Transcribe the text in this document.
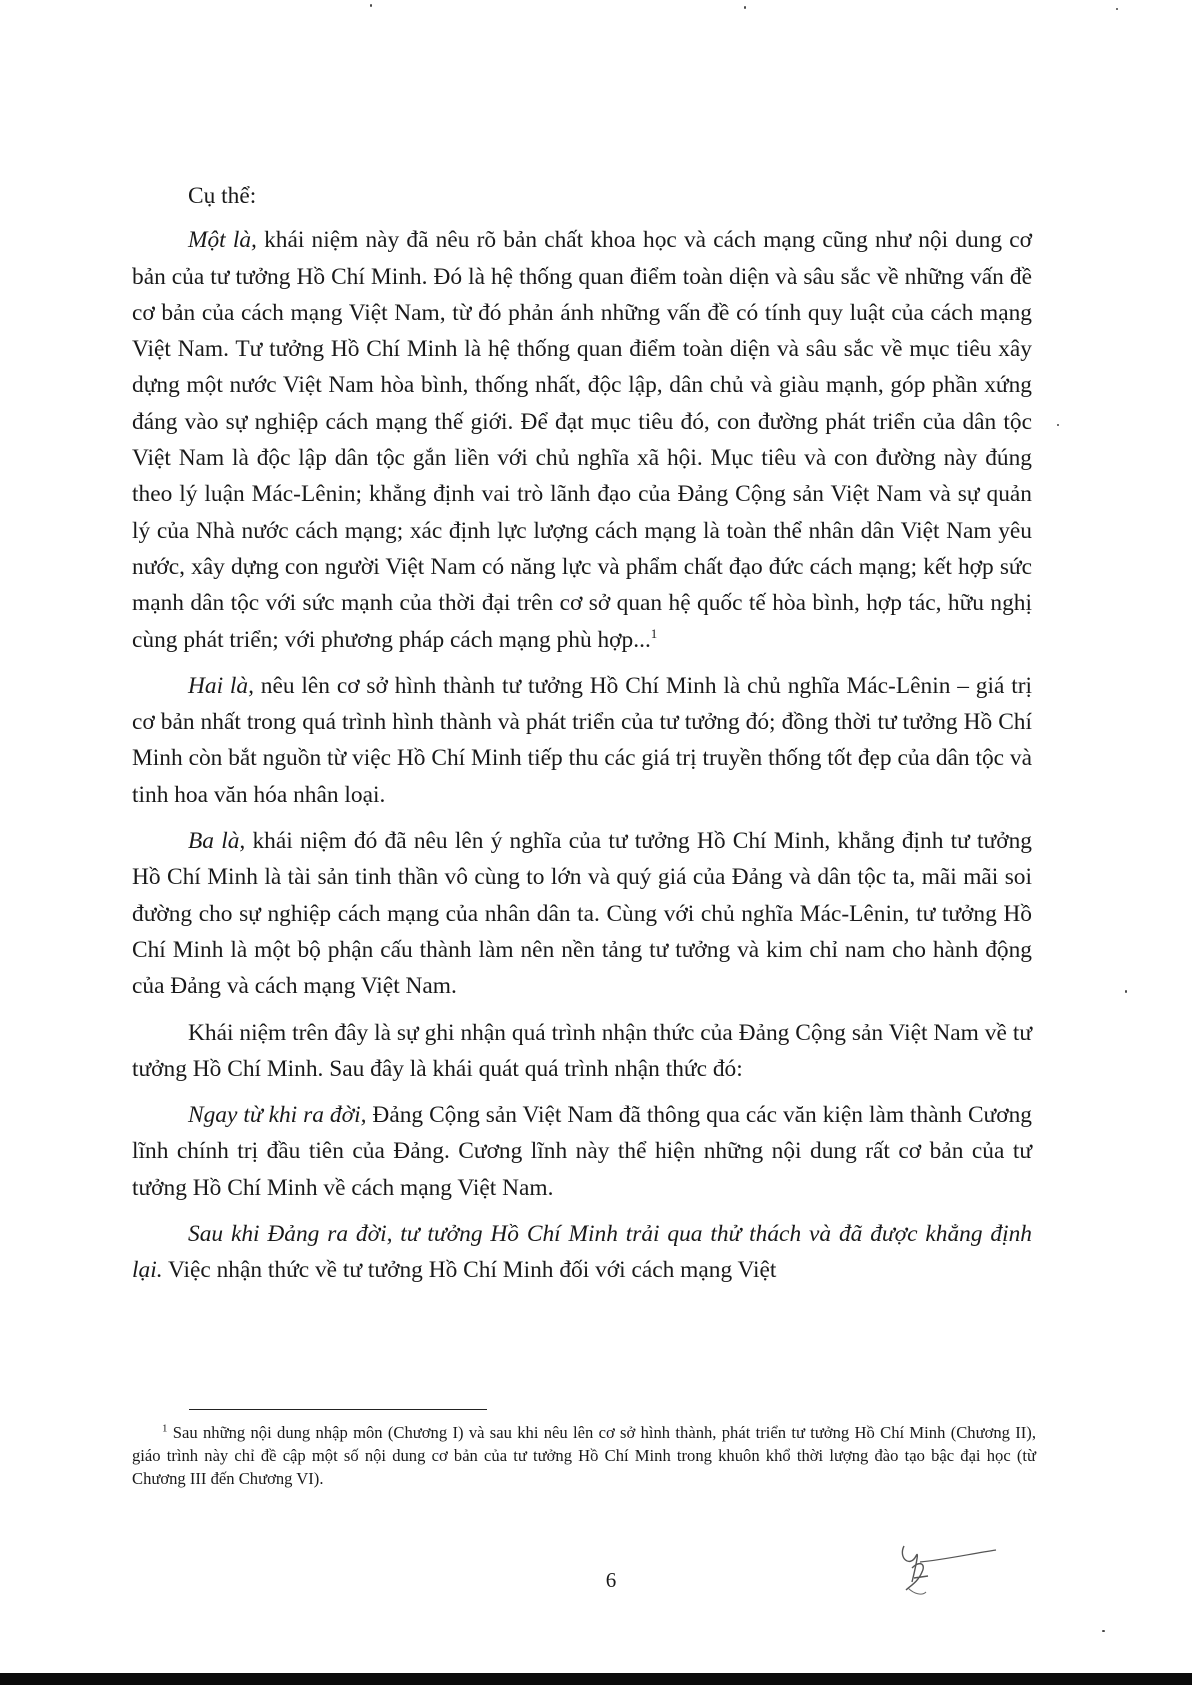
Cụ thể:

Một là, khái niệm này đã nêu rõ bản chất khoa học và cách mạng cũng như nội dung cơ bản của tư tưởng Hồ Chí Minh. Đó là hệ thống quan điểm toàn diện và sâu sắc về những vấn đề cơ bản của cách mạng Việt Nam, từ đó phản ánh những vấn đề có tính quy luật của cách mạng Việt Nam. Tư tưởng Hồ Chí Minh là hệ thống quan điểm toàn diện và sâu sắc về mục tiêu xây dựng một nước Việt Nam hòa bình, thống nhất, độc lập, dân chủ và giàu mạnh, góp phần xứng đáng vào sự nghiệp cách mạng thế giới. Để đạt mục tiêu đó, con đường phát triển của dân tộc Việt Nam là độc lập dân tộc gắn liền với chủ nghĩa xã hội. Mục tiêu và con đường này đúng theo lý luận Mác-Lênin; khẳng định vai trò lãnh đạo của Đảng Cộng sản Việt Nam và sự quản lý của Nhà nước cách mạng; xác định lực lượng cách mạng là toàn thể nhân dân Việt Nam yêu nước, xây dựng con người Việt Nam có năng lực và phẩm chất đạo đức cách mạng; kết hợp sức mạnh dân tộc với sức mạnh của thời đại trên cơ sở quan hệ quốc tế hòa bình, hợp tác, hữu nghị cùng phát triển; với phương pháp cách mạng phù hợp...$^1$

Hai là, nêu lên cơ sở hình thành tư tưởng Hồ Chí Minh là chủ nghĩa Mác-Lênin – giá trị cơ bản nhất trong quá trình hình thành và phát triển của tư tưởng đó; đồng thời tư tưởng Hồ Chí Minh còn bắt nguồn từ việc Hồ Chí Minh tiếp thu các giá trị truyền thống tốt đẹp của dân tộc và tinh hoa văn hóa nhân loại.

Ba là, khái niệm đó đã nêu lên ý nghĩa của tư tưởng Hồ Chí Minh, khẳng định tư tưởng Hồ Chí Minh là tài sản tinh thần vô cùng to lớn và quý giá của Đảng và dân tộc ta, mãi mãi soi đường cho sự nghiệp cách mạng của nhân dân ta. Cùng với chủ nghĩa Mác-Lênin, tư tưởng Hồ Chí Minh là một bộ phận cấu thành làm nên nền tảng tư tưởng và kim chỉ nam cho hành động của Đảng và cách mạng Việt Nam.

Khái niệm trên đây là sự ghi nhận quá trình nhận thức của Đảng Cộng sản Việt Nam về tư tưởng Hồ Chí Minh. Sau đây là khái quát quá trình nhận thức đó:

Ngay từ khi ra đời, Đảng Cộng sản Việt Nam đã thông qua các văn kiện làm thành Cương lĩnh chính trị đầu tiên của Đảng. Cương lĩnh này thể hiện những nội dung rất cơ bản của tư tưởng Hồ Chí Minh về cách mạng Việt Nam.

Sau khi Đảng ra đời, tư tưởng Hồ Chí Minh trải qua thử thách và đã được khẳng định lại. Việc nhận thức về tư tưởng Hồ Chí Minh đối với cách mạng Việt

$^1$ Sau những nội dung nhập môn (Chương I) và sau khi nêu lên cơ sở hình thành, phát triển tư tưởng Hồ Chí Minh (Chương II), giáo trình này chỉ đề cập một số nội dung cơ bản của tư tưởng Hồ Chí Minh trong khuôn khổ thời lượng đào tạo bậc đại học (từ Chương III đến Chương VI).

6
